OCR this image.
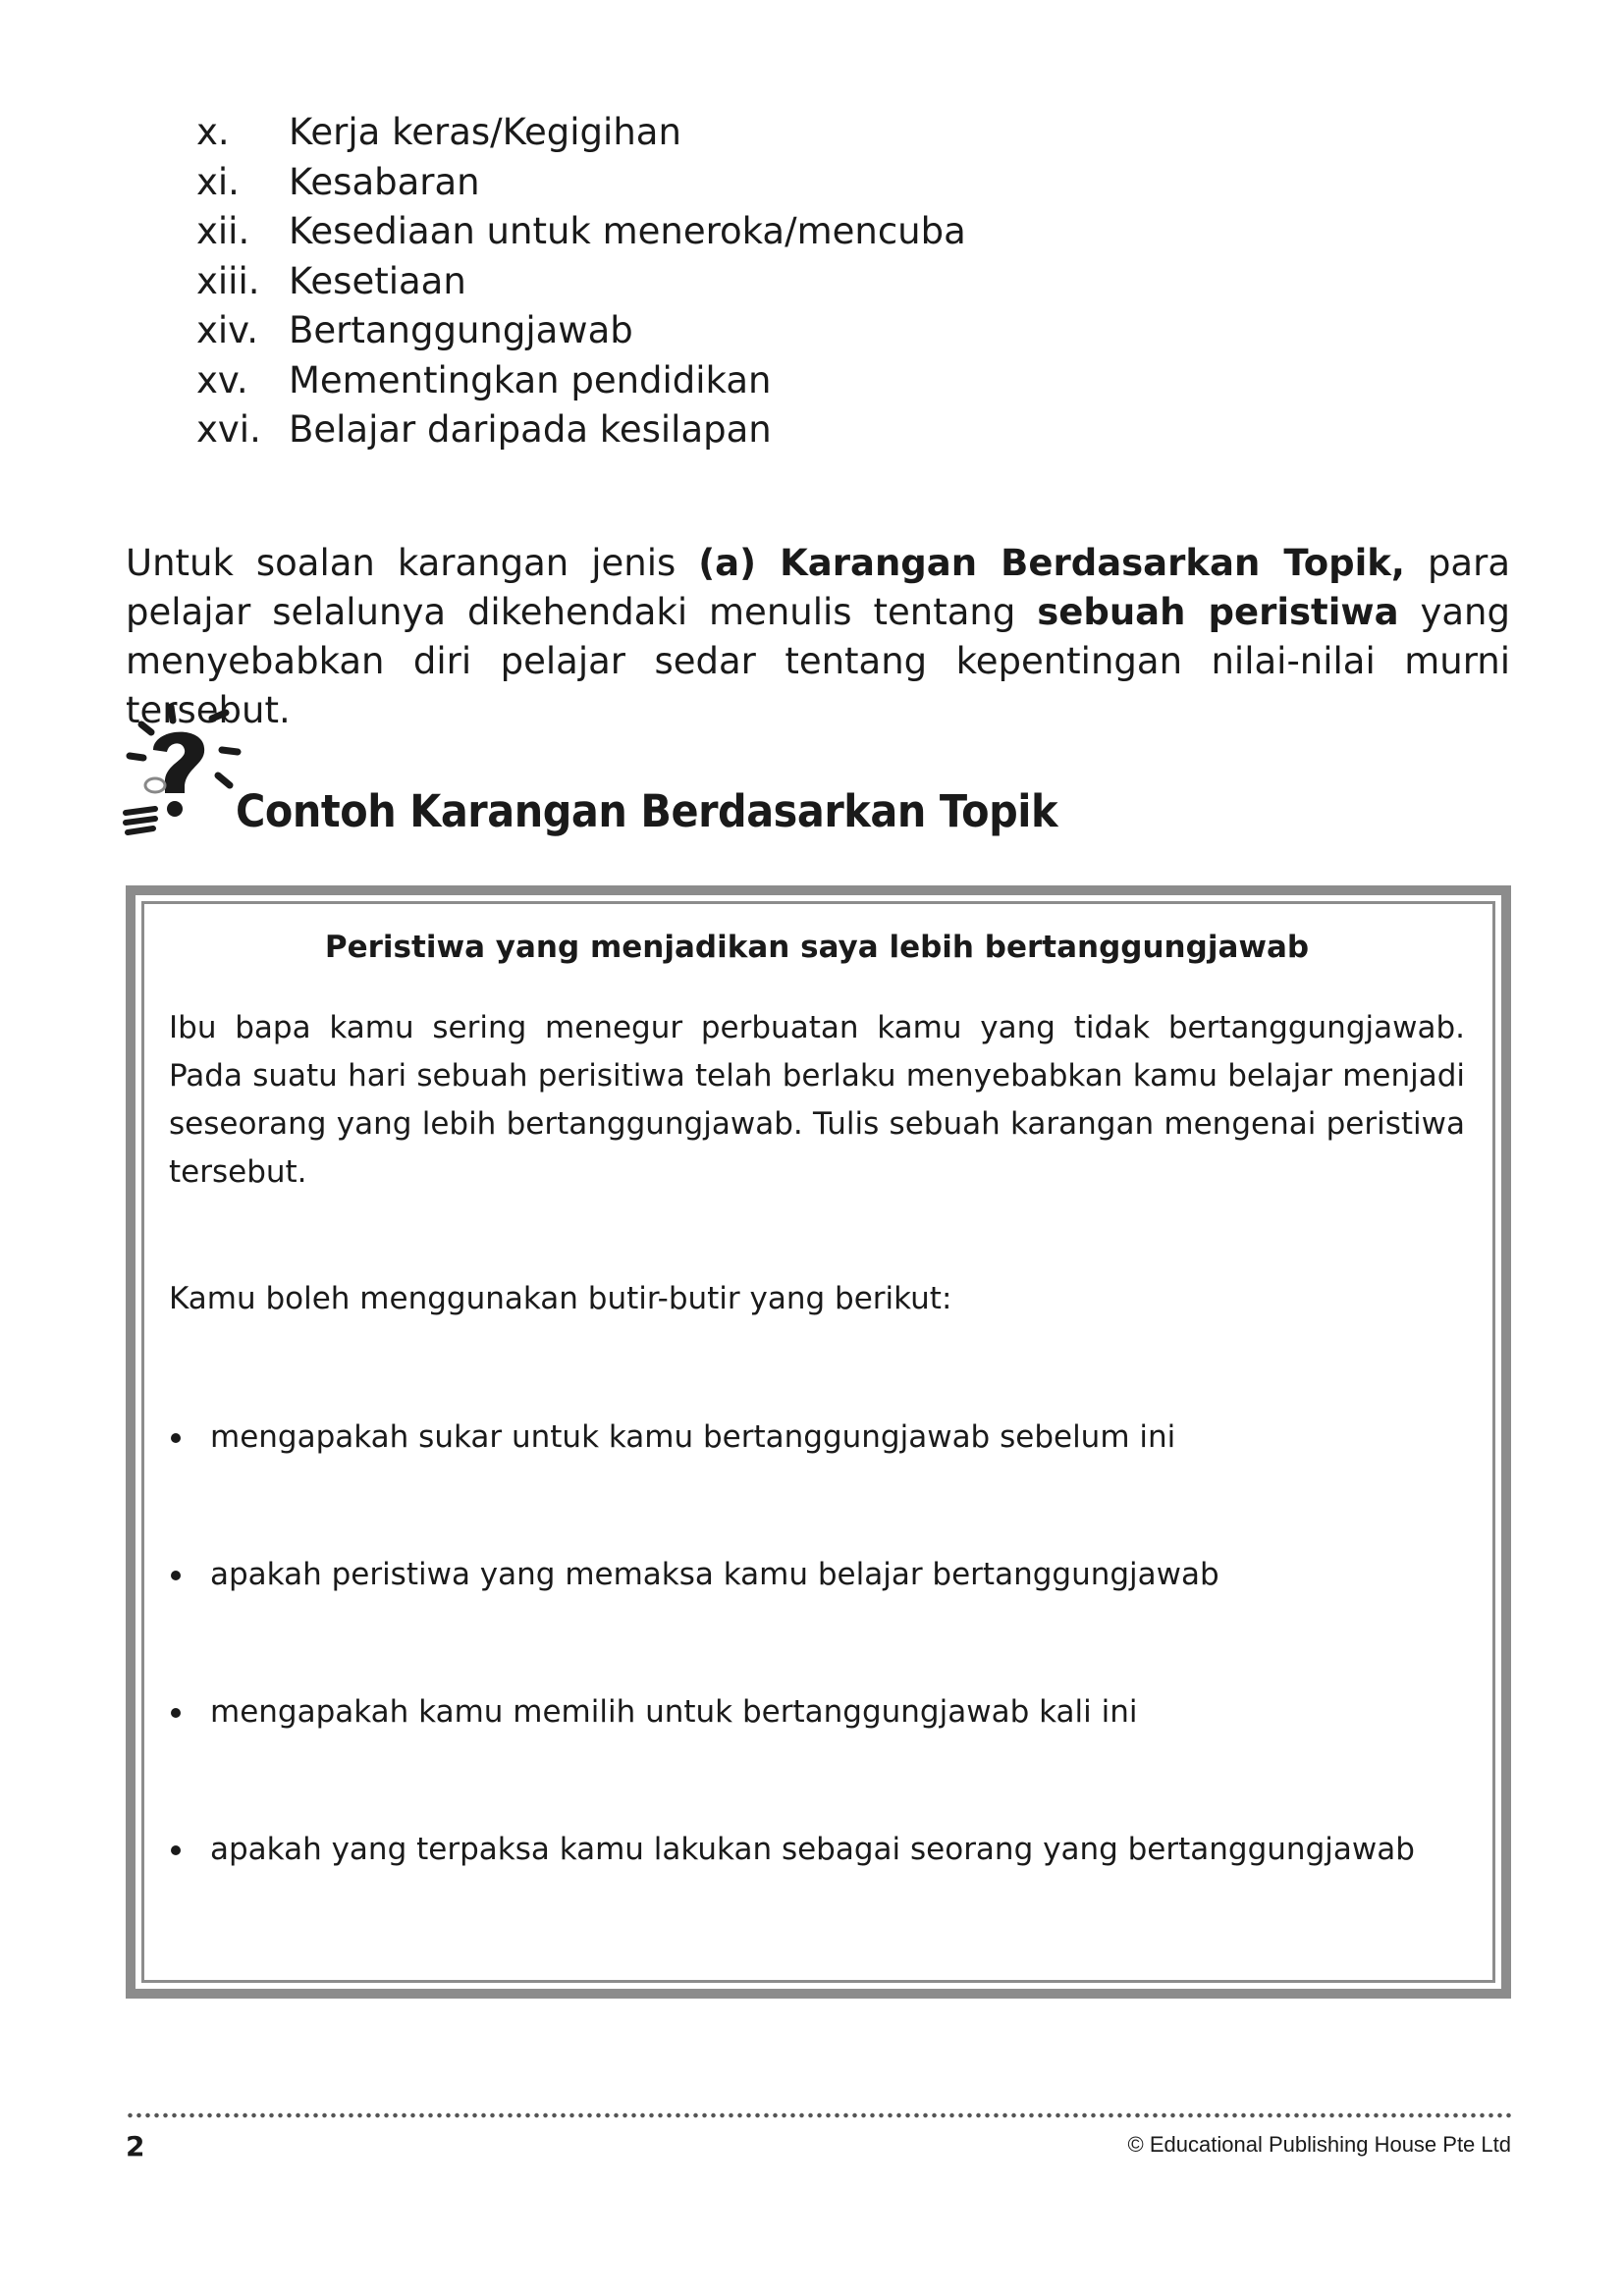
x.	Kerja keras/Kegigihan
xi.	Kesabaran
xii.	Kesediaan untuk meneroka/mencuba
xiii. Kesetiaan
xiv. Bertanggungjawab
xv.	Mementingkan pendidikan
xvi. Belajar daripada kesilapan

Untuk soalan karangan jenis (a) Karangan Berdasarkan Topik, para pelajar selalunya dikehendaki menulis tentang sebuah peristiwa yang menyebabkan diri pelajar sedar tentang kepentingan nilai-nilai murni tersebut.

Contoh Karangan Berdasarkan Topik
Peristiwa yang menjadikan saya lebih bertanggungjawab

Ibu bapa kamu sering menegur perbuatan kamu yang tidak bertanggungjawab. Pada suatu hari sebuah perisitiwa telah berlaku menyebabkan kamu belajar menjadi seseorang yang lebih bertanggungjawab. Tulis sebuah karangan mengenai peristiwa tersebut.

Kamu boleh menggunakan butir-butir yang berikut:

mengapakah sukar untuk kamu bertanggungjawab sebelum ini
apakah peristiwa yang memaksa kamu belajar bertanggungjawab
mengapakah kamu memilih untuk bertanggungjawab kali ini
apakah yang terpaksa kamu lakukan sebagai seorang yang bertanggungjawab
2	© Educational Publishing House Pte Ltd
